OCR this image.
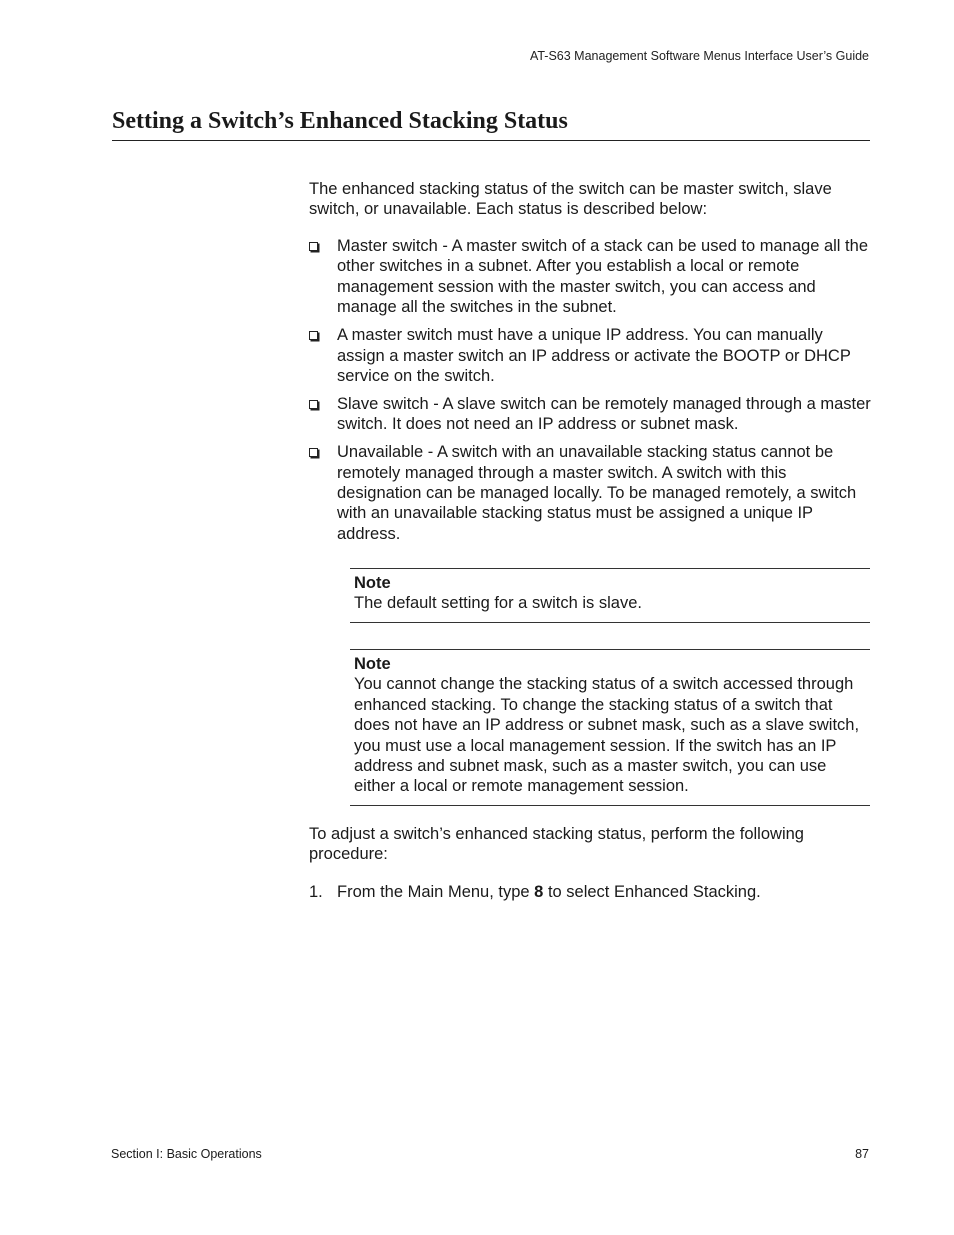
AT-S63 Management Software Menus Interface User’s Guide
Setting a Switch’s Enhanced Stacking Status

The enhanced stacking status of the switch can be master switch, slave switch, or unavailable. Each status is described below:

Master switch - A master switch of a stack can be used to manage all the other switches in a subnet. After you establish a local or remote management session with the master switch, you can access and manage all the switches in the subnet.
A master switch must have a unique IP address. You can manually assign a master switch an IP address or activate the BOOTP or DHCP service on the switch.
Slave switch - A slave switch can be remotely managed through a master switch. It does not need an IP address or subnet mask.
Unavailable - A switch with an unavailable stacking status cannot be remotely managed through a master switch. A switch with this designation can be managed locally. To be managed remotely, a switch with an unavailable stacking status must be assigned a unique IP address.
Note

The default setting for a switch is slave.

Note

You cannot change the stacking status of a switch accessed through enhanced stacking. To change the stacking status of a switch that does not have an IP address or subnet mask, such as a slave switch, you must use a local management session. If the switch has an IP address and subnet mask, such as a master switch, you can use either a local or remote management session.

To adjust a switch’s enhanced stacking status, perform the following procedure:

1. From the Main Menu, type 8 to select Enhanced Stacking.
Section I: Basic Operations	87
